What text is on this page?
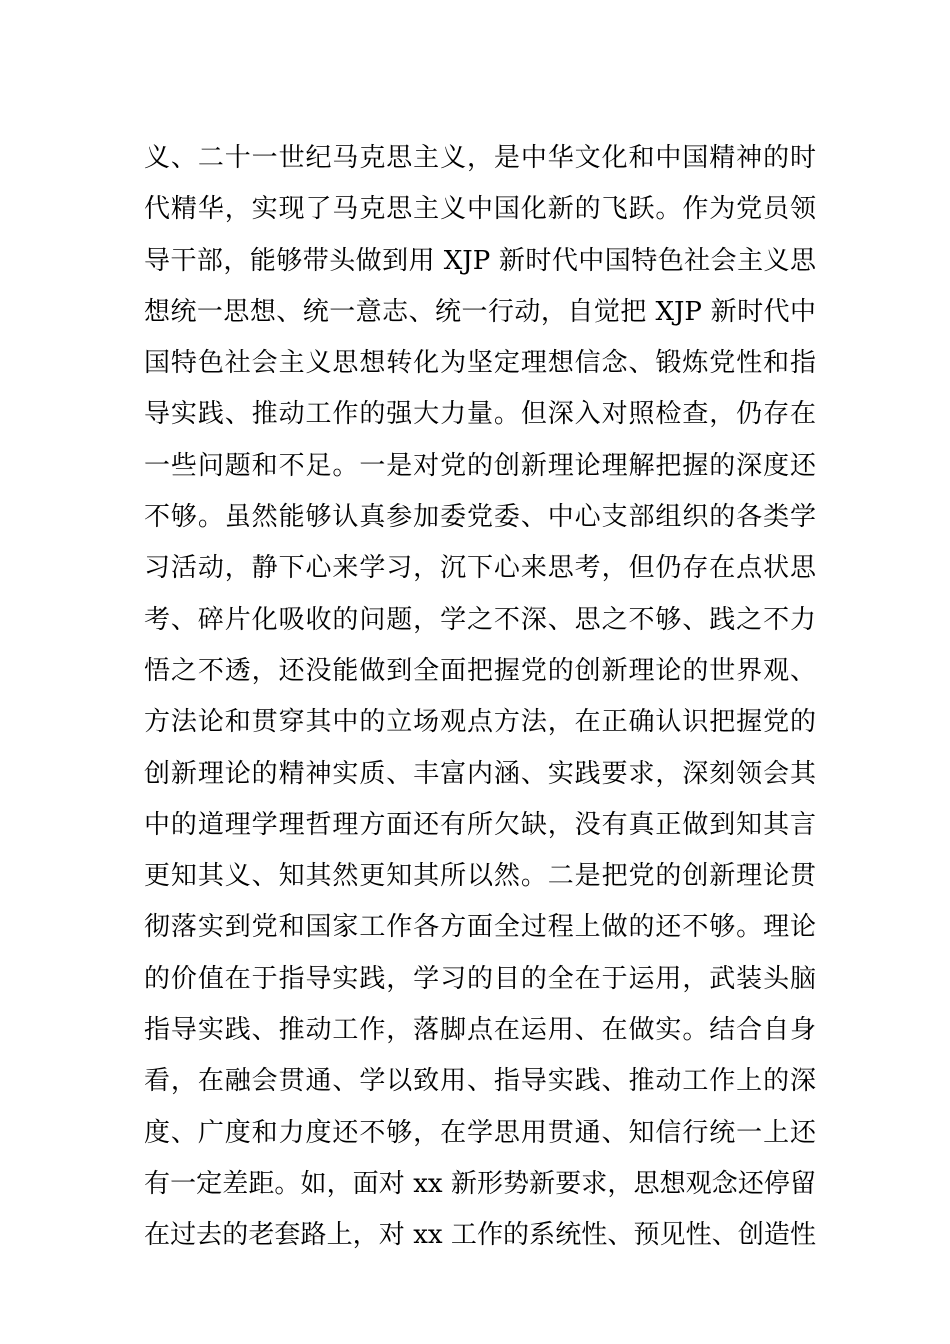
义、二十一世纪马克思主义，是中华文化和中国精神的时
代精华，实现了马克思主义中国化新的飞跃。作为党员领
导干部，能够带头做到用 XJP 新时代中国特色社会主义思
想统一思想、统一意志、统一行动，自觉把 XJP 新时代中
国特色社会主义思想转化为坚定理想信念、锻炼党性和指
导实践、推动工作的强大力量。但深入对照检查，仍存在
一些问题和不足。一是对党的创新理论理解把握的深度还
不够。虽然能够认真参加委党委、中心支部组织的各类学
习活动，静下心来学习，沉下心来思考，但仍存在点状思
考、碎片化吸收的问题，学之不深、思之不够、践之不力
悟之不透，还没能做到全面把握党的创新理论的世界观、
方法论和贯穿其中的立场观点方法，在正确认识把握党的
创新理论的精神实质、丰富内涵、实践要求，深刻领会其
中的道理学理哲理方面还有所欠缺，没有真正做到知其言
更知其义、知其然更知其所以然。二是把党的创新理论贯
彻落实到党和国家工作各方面全过程上做的还不够。理论
的价值在于指导实践，学习的目的全在于运用，武装头脑
指导实践、推动工作，落脚点在运用、在做实。结合自身
看，在融会贯通、学以致用、指导实践、推动工作上的深
度、广度和力度还不够，在学思用贯通、知信行统一上还
有一定差距。如，面对 xx 新形势新要求，思想观念还停留
在过去的老套路上，对 xx 工作的系统性、预见性、创造性
